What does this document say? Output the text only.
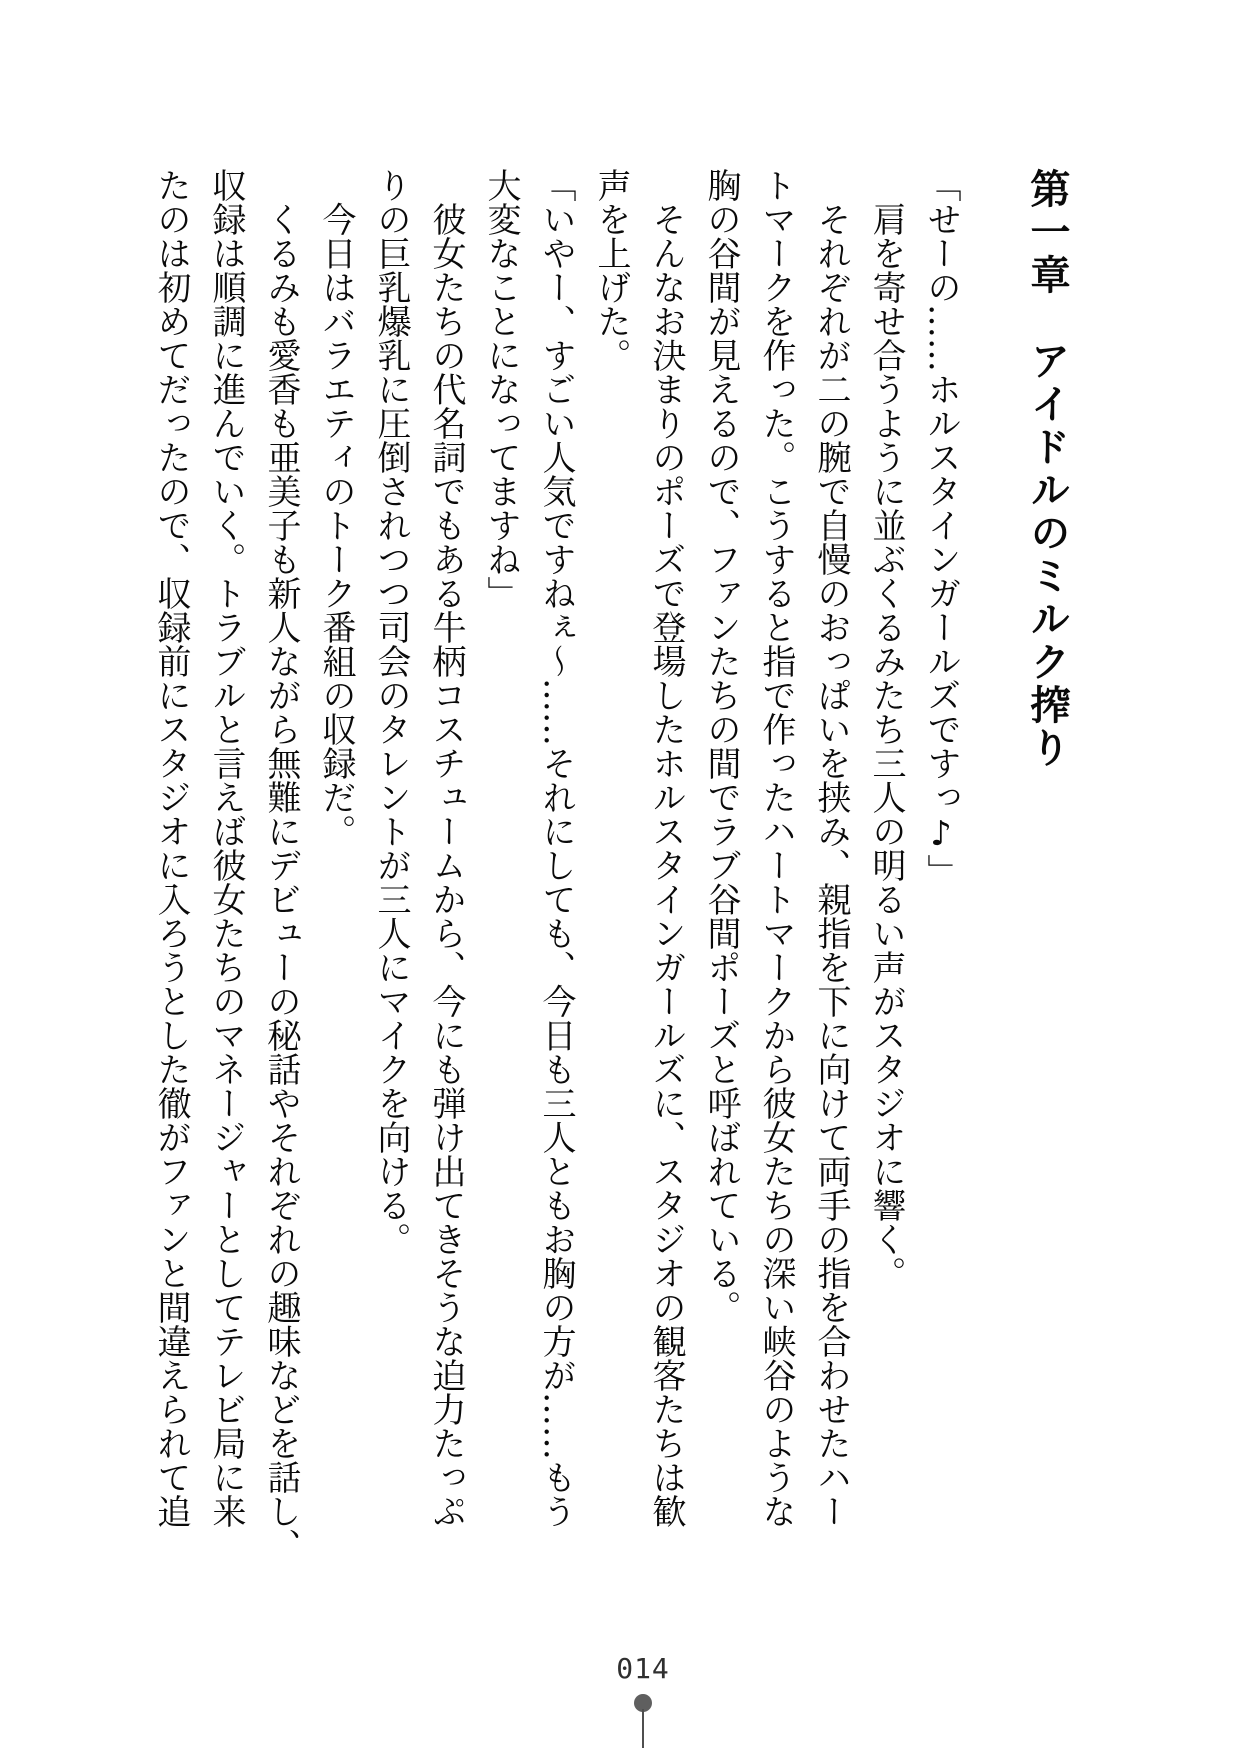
第一章　アイドルのミルク搾り

「せーの……ホルスタインガールズですっ♪」

肩を寄せ合うように並ぶくるみたち三人の明るい声がスタジオに響く。

それぞれが二の腕で自慢のおっぱいを挟み、親指を下に向けて両手の指を合わせたハー

トマークを作った。こうすると指で作ったハートマークから彼女たちの深い峡谷のような

胸の谷間が見えるので、ファンたちの間でラブ谷間ポーズと呼ばれている。

そんなお決まりのポーズで登場したホルスタインガールズに、スタジオの観客たちは歓

声を上げた。

「いやー、すごい人気ですねぇ～……それにしても、今日も三人ともお胸の方が……もう

大変なことになってますね」

彼女たちの代名詞でもある牛柄コスチュームから、今にも弾け出てきそうな迫力たっぷ

りの巨乳爆乳に圧倒されつつ司会のタレントが三人にマイクを向ける。

今日はバラエティのトーク番組の収録だ。

くるみも愛香も亜美子も新人ながら無難にデビューの秘話やそれぞれの趣味などを話し、

収録は順調に進んでいく。トラブルと言えば彼女たちのマネージャーとしてテレビ局に来

たのは初めてだったので、収録前にスタジオに入ろうとした徹がファンと間違えられて追

014
